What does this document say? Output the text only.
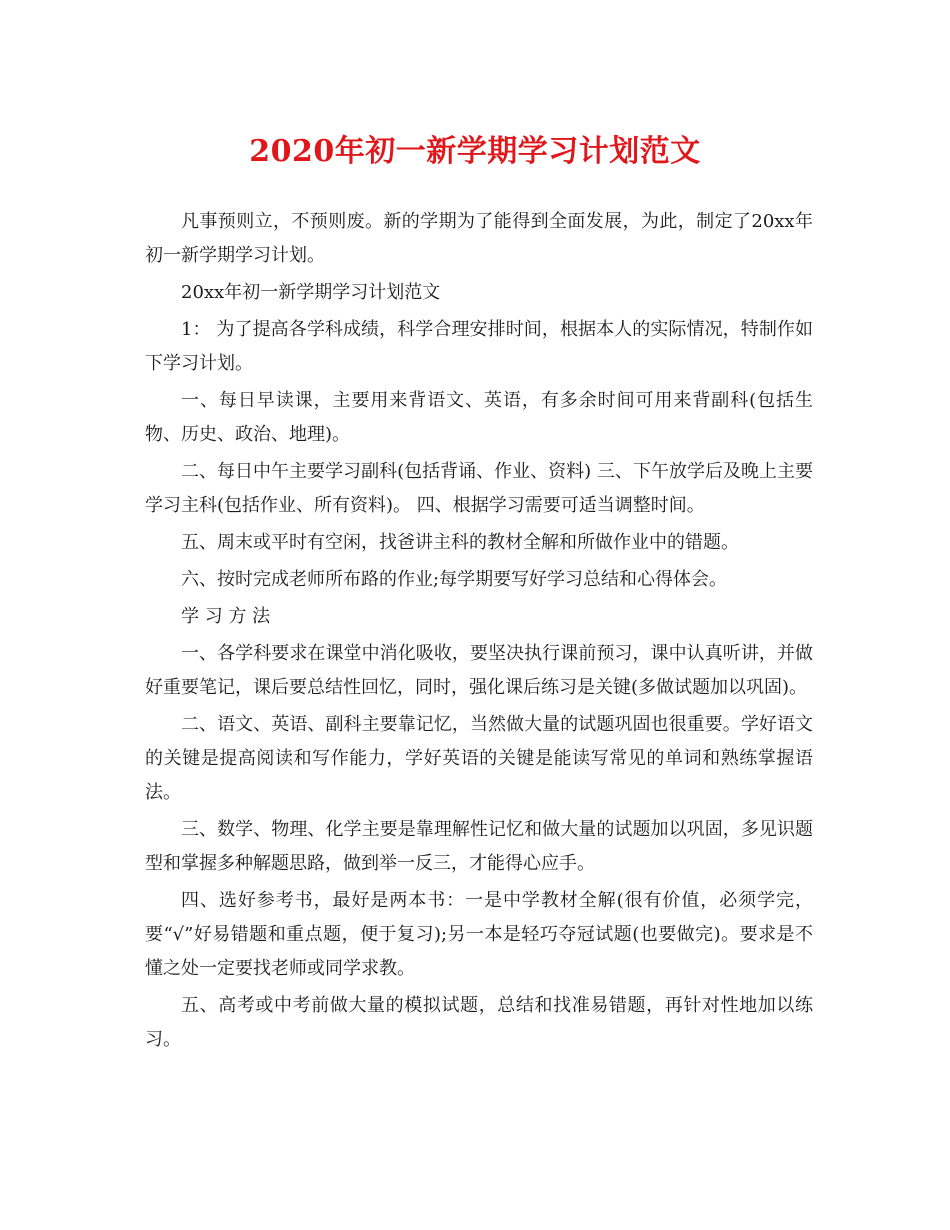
2020年初一新学期学习计划范文

凡事预则立，不预则废。新的学期为了能得到全面发展，为此，制定了20xx年初一新学期学习计划。

20xx年初一新学期学习计划范文

1： 为了提高各学科成绩，科学合理安排时间，根据本人的实际情况，特制作如下学习计划。

一、每日早读课，主要用来背语文、英语，有多余时间可用来背副科(包括生物、历史、政治、地理)。

二、每日中午主要学习副科(包括背诵、作业、资料) 三、下午放学后及晚上主要学习主科(包括作业、所有资料)。 四、根据学习需要可适当调整时间。

五、周末或平时有空闲，找爸讲主科的教材全解和所做作业中的错题。

六、按时完成老师所布路的作业;每学期要写好学习总结和心得体会。

学 习 方 法

一、各学科要求在课堂中消化吸收，要坚决执行课前预习，课中认真听讲，并做好重要笔记，课后要总结性回忆，同时，强化课后练习是关键(多做试题加以巩固)。

二、语文、英语、副科主要靠记忆，当然做大量的试题巩固也很重要。学好语文的关键是提高阅读和写作能力，学好英语的关键是能读写常见的单词和熟练掌握语法。

三、数学、物理、化学主要是靠理解性记忆和做大量的试题加以巩固，多见识题型和掌握多种解题思路，做到举一反三，才能得心应手。

四、选好参考书，最好是两本书：一是中学教材全解(很有价值，必须学完，要“√”好易错题和重点题，便于复习);另一本是轻巧夺冠试题(也要做完)。要求是不懂之处一定要找老师或同学求教。

五、高考或中考前做大量的模拟试题，总结和找准易错题，再针对性地加以练习。
